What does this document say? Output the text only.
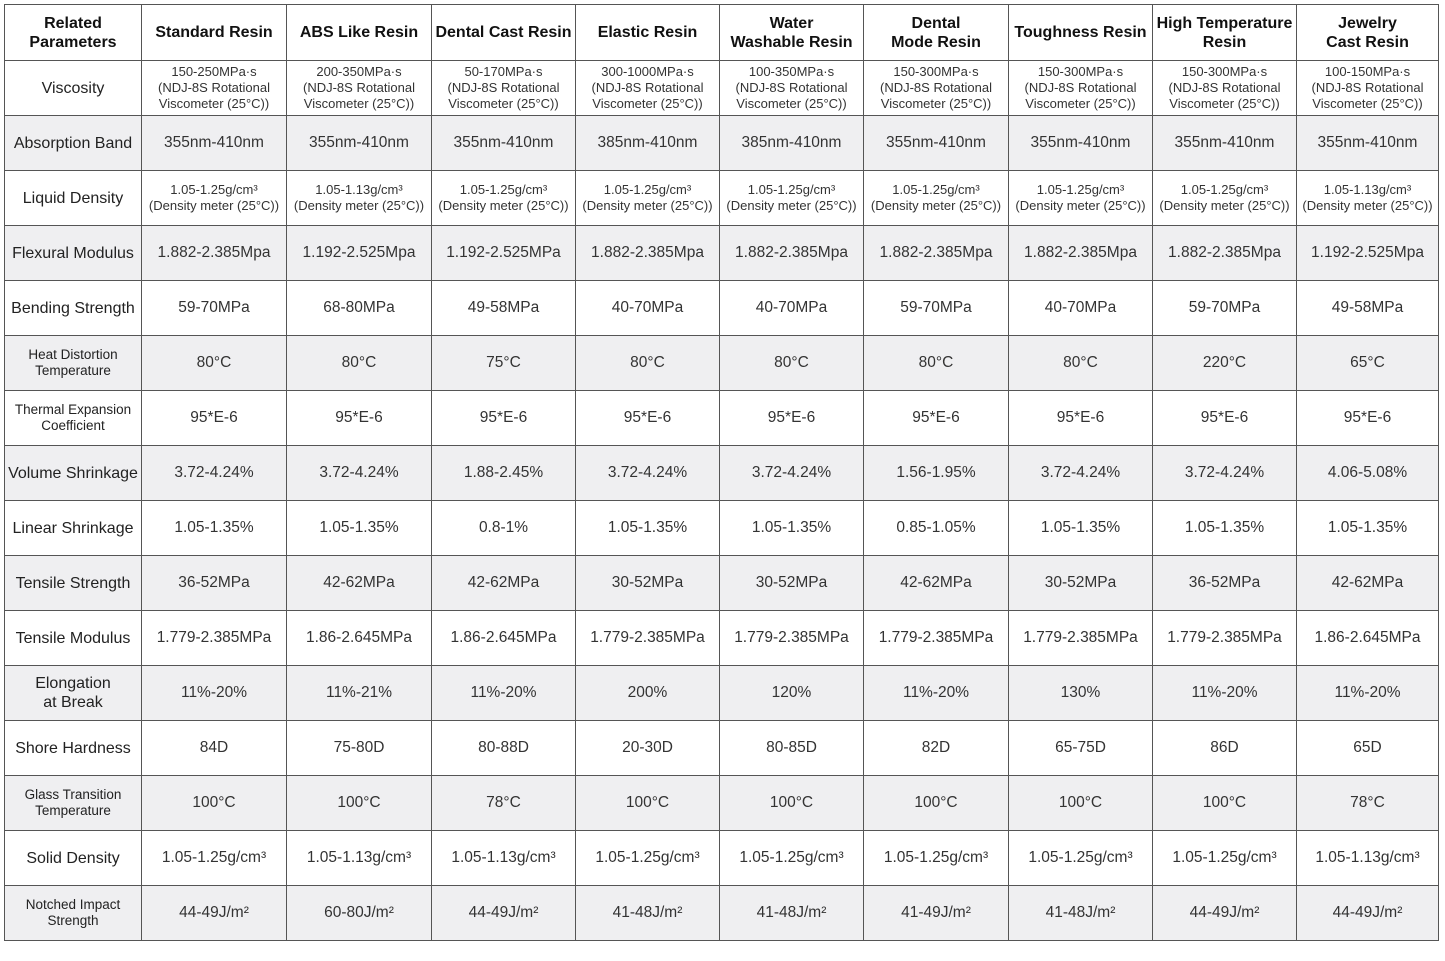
Related
Parameters	Standard Resin	ABS Like Resin	Dental Cast Resin	Elastic Resin	Water
Washable Resin	Dental
Mode Resin	Toughness Resin	High Temperature
Resin	Jewelry
Cast Resin
Viscosity	150-250MPa·s
(NDJ-8S Rotational
Viscometer (25°C))	200-350MPa·s
(NDJ-8S Rotational
Viscometer (25°C))	50-170MPa·s
(NDJ-8S Rotational
Viscometer (25°C))	300-1000MPa·s
(NDJ-8S Rotational
Viscometer (25°C))	100-350MPa·s
(NDJ-8S Rotational
Viscometer (25°C))	150-300MPa·s
(NDJ-8S Rotational
Viscometer (25°C))	150-300MPa·s
(NDJ-8S Rotational
Viscometer (25°C))	150-300MPa·s
(NDJ-8S Rotational
Viscometer (25°C))	100-150MPa·s
(NDJ-8S Rotational
Viscometer (25°C))
Absorption Band	355nm-410nm	355nm-410nm	355nm-410nm	385nm-410nm	385nm-410nm	355nm-410nm	355nm-410nm	355nm-410nm	355nm-410nm
Liquid Density	1.05-1.25g/cm³
(Density meter (25°C))	1.05-1.13g/cm³
(Density meter (25°C))	1.05-1.25g/cm³
(Density meter (25°C))	1.05-1.25g/cm³
(Density meter (25°C))	1.05-1.25g/cm³
(Density meter (25°C))	1.05-1.25g/cm³
(Density meter (25°C))	1.05-1.25g/cm³
(Density meter (25°C))	1.05-1.25g/cm³
(Density meter (25°C))	1.05-1.13g/cm³
(Density meter (25°C))
Flexural Modulus	1.882-2.385Mpa	1.192-2.525Mpa	1.192-2.525MPa	1.882-2.385Mpa	1.882-2.385Mpa	1.882-2.385Mpa	1.882-2.385Mpa	1.882-2.385Mpa	1.192-2.525Mpa
Bending Strength	59-70MPa	68-80MPa	49-58MPa	40-70MPa	40-70MPa	59-70MPa	40-70MPa	59-70MPa	49-58MPa
Heat Distortion
Temperature	80°C	80°C	75°C	80°C	80°C	80°C	80°C	220°C	65°C
Thermal Expansion
Coefficient	95*E-6	95*E-6	95*E-6	95*E-6	95*E-6	95*E-6	95*E-6	95*E-6	95*E-6
Volume Shrinkage	3.72-4.24%	3.72-4.24%	1.88-2.45%	3.72-4.24%	3.72-4.24%	1.56-1.95%	3.72-4.24%	3.72-4.24%	4.06-5.08%
Linear Shrinkage	1.05-1.35%	1.05-1.35%	0.8-1%	1.05-1.35%	1.05-1.35%	0.85-1.05%	1.05-1.35%	1.05-1.35%	1.05-1.35%
Tensile Strength	36-52MPa	42-62MPa	42-62MPa	30-52MPa	30-52MPa	42-62MPa	30-52MPa	36-52MPa	42-62MPa
Tensile Modulus	1.779-2.385MPa	1.86-2.645MPa	1.86-2.645MPa	1.779-2.385MPa	1.779-2.385MPa	1.779-2.385MPa	1.779-2.385MPa	1.779-2.385MPa	1.86-2.645MPa
Elongation
at Break	11%-20%	11%-21%	11%-20%	200%	120%	11%-20%	130%	11%-20%	11%-20%
Shore Hardness	84D	75-80D	80-88D	20-30D	80-85D	82D	65-75D	86D	65D
Glass Transition
Temperature	100°C	100°C	78°C	100°C	100°C	100°C	100°C	100°C	78°C
Solid Density	1.05-1.25g/cm³	1.05-1.13g/cm³	1.05-1.13g/cm³	1.05-1.25g/cm³	1.05-1.25g/cm³	1.05-1.25g/cm³	1.05-1.25g/cm³	1.05-1.25g/cm³	1.05-1.13g/cm³
Notched Impact
Strength	44-49J/m²	60-80J/m²	44-49J/m²	41-48J/m²	41-48J/m²	41-49J/m²	41-48J/m²	44-49J/m²	44-49J/m²
